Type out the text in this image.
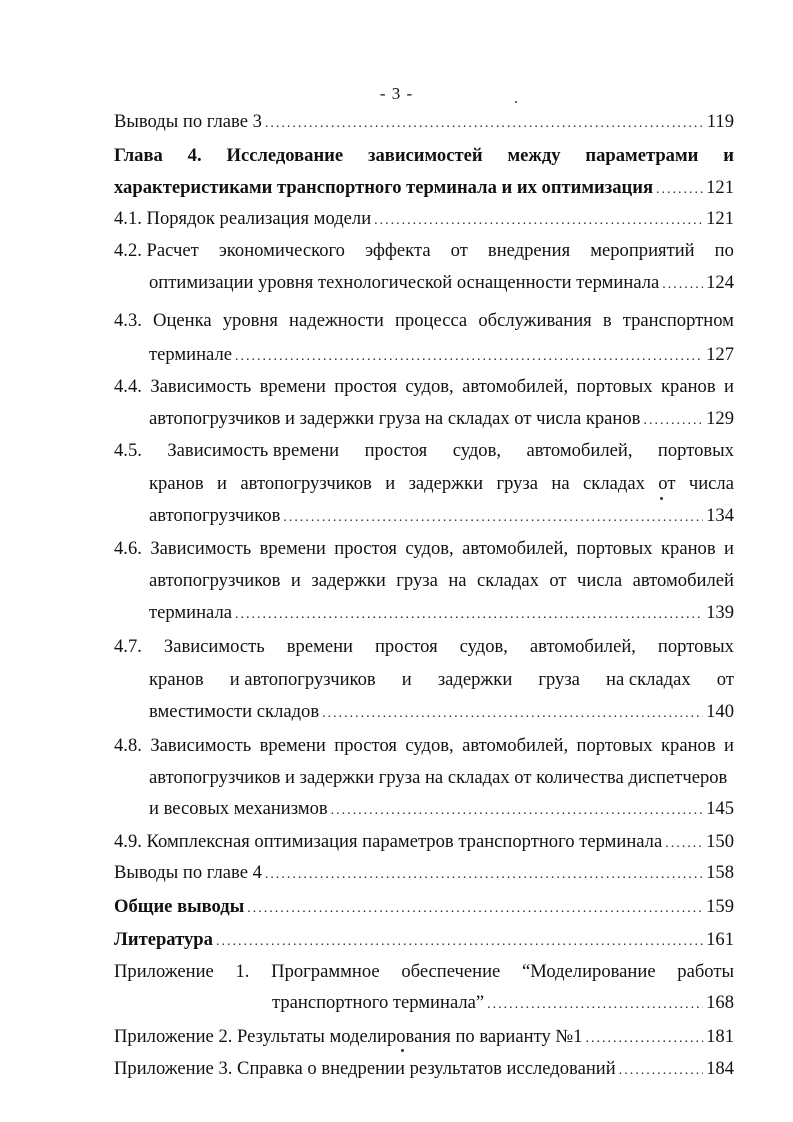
- 3 -
Выводы по главе 3 .....	119
Глава 4. Исследование зависимостей между параметрами и
характеристиками транспортного терминала и их оптимизация .....	121
4.1. Порядок реализация модели .....	121
4.2. Расчет экономического эффекта от внедрения мероприятий по
оптимизации уровня технологической оснащенности терминала .....	124
4.3. Оценка уровня надежности процесса обслуживания в транспортном
терминале .....	127
4.4. Зависимость времени простоя судов, автомобилей, портовых кранов и
автопогрузчиков и задержки груза на складах от числа кранов .....	129
4.5. Зависимость времени простоя судов, автомобилей, портовых
кранов и автопогрузчиков и задержки груза на складах от числа
автопогрузчиков .....	134
4.6. Зависимость времени простоя судов, автомобилей, портовых кранов и
автопогрузчиков и задержки груза на складах от числа автомобилей
терминала .....	139
4.7. Зависимость времени простоя судов, автомобилей, портовых
кранов и автопогрузчиков и задержки груза на складах от
вместимости складов .....	140
4.8. Зависимость времени простоя судов, автомобилей, портовых кранов и
автопогрузчиков и задержки груза на складах от количества диспетчеров
и весовых механизмов .....	145
4.9. Комплексная оптимизация параметров транспортного терминала ..... 150
Выводы по главе 4 .....	158
Общие выводы .....	159
Литература .....	161
Приложение 1. Программное обеспечение “Моделирование работы
транспортного терминала” .....	168
Приложение 2. Результаты моделирования по варианту №1 .....	181
Приложение 3. Справка о внедрении результатов исследований .....	184
